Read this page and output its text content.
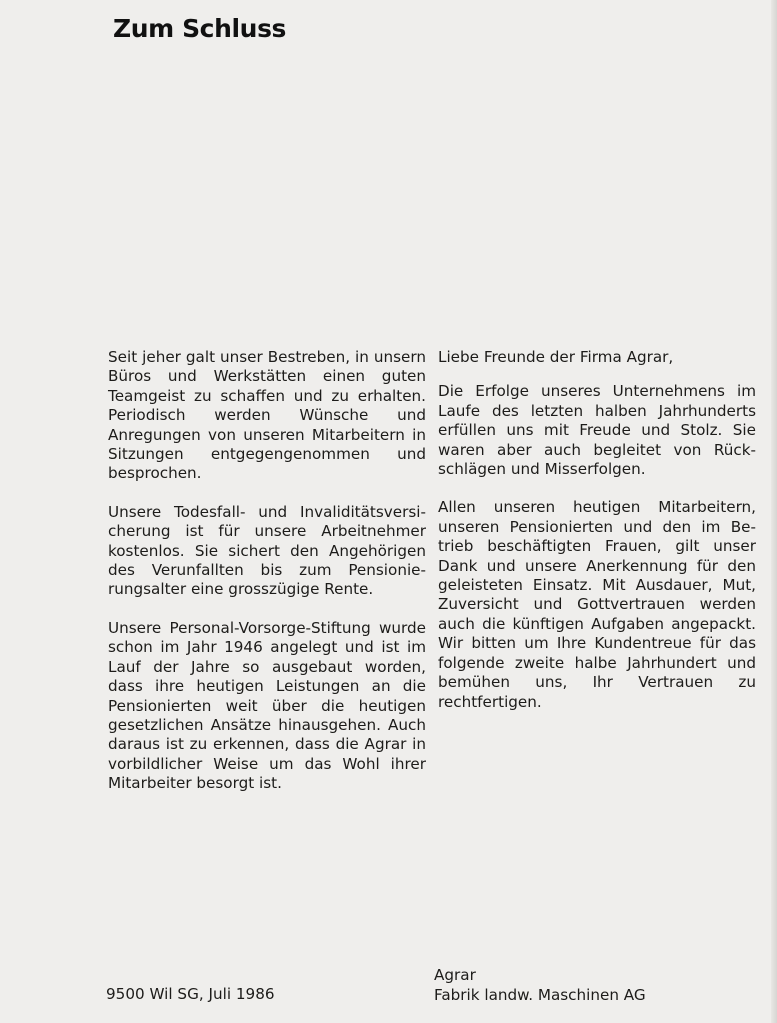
Zum Schluss

Seit jeher galt unser Bestreben, in unsern Büros und Werkstätten einen guten Teamgeist zu schaffen und zu erhalten. Periodisch werden Wünsche und Anregungen von unseren Mitarbeitern in Sitzungen entgegengenommen und besprochen.

Unsere Todesfall- und Invaliditätsversicherung ist für unsere Arbeitnehmer kostenlos. Sie sichert den Angehörigen des Verunfallten bis zum Pensionierungsalter eine grosszügige Rente.

Unsere Personal-Vorsorge-Stiftung wurde schon im Jahr 1946 angelegt und ist im Lauf der Jahre so ausgebaut worden, dass ihre heutigen Leistungen an die Pensionierten weit über die heutigen gesetzlichen Ansätze hinausgehen. Auch daraus ist zu erkennen, dass die Agrar in vorbildlicher Weise um das Wohl ihrer Mitarbeiter besorgt ist.

Liebe Freunde der Firma Agrar,

Die Erfolge unseres Unternehmens im Laufe des letzten halben Jahrhunderts erfüllen uns mit Freude und Stolz. Sie waren aber auch begleitet von Rückschlägen und Misserfolgen.

Allen unseren heutigen Mitarbeitern, unseren Pensionierten und den im Betrieb beschäftigten Frauen, gilt unser Dank und unsere Anerkennung für den geleisteten Einsatz. Mit Ausdauer, Mut, Zuversicht und Gottvertrauen werden auch die künftigen Aufgaben angepackt. Wir bitten um Ihre Kundentreue für das folgende zweite halbe Jahrhundert und bemühen uns, Ihr Vertrauen zu rechtfertigen.

9500 Wil SG, Juli 1986
Agrar
Fabrik landw. Maschinen AG
